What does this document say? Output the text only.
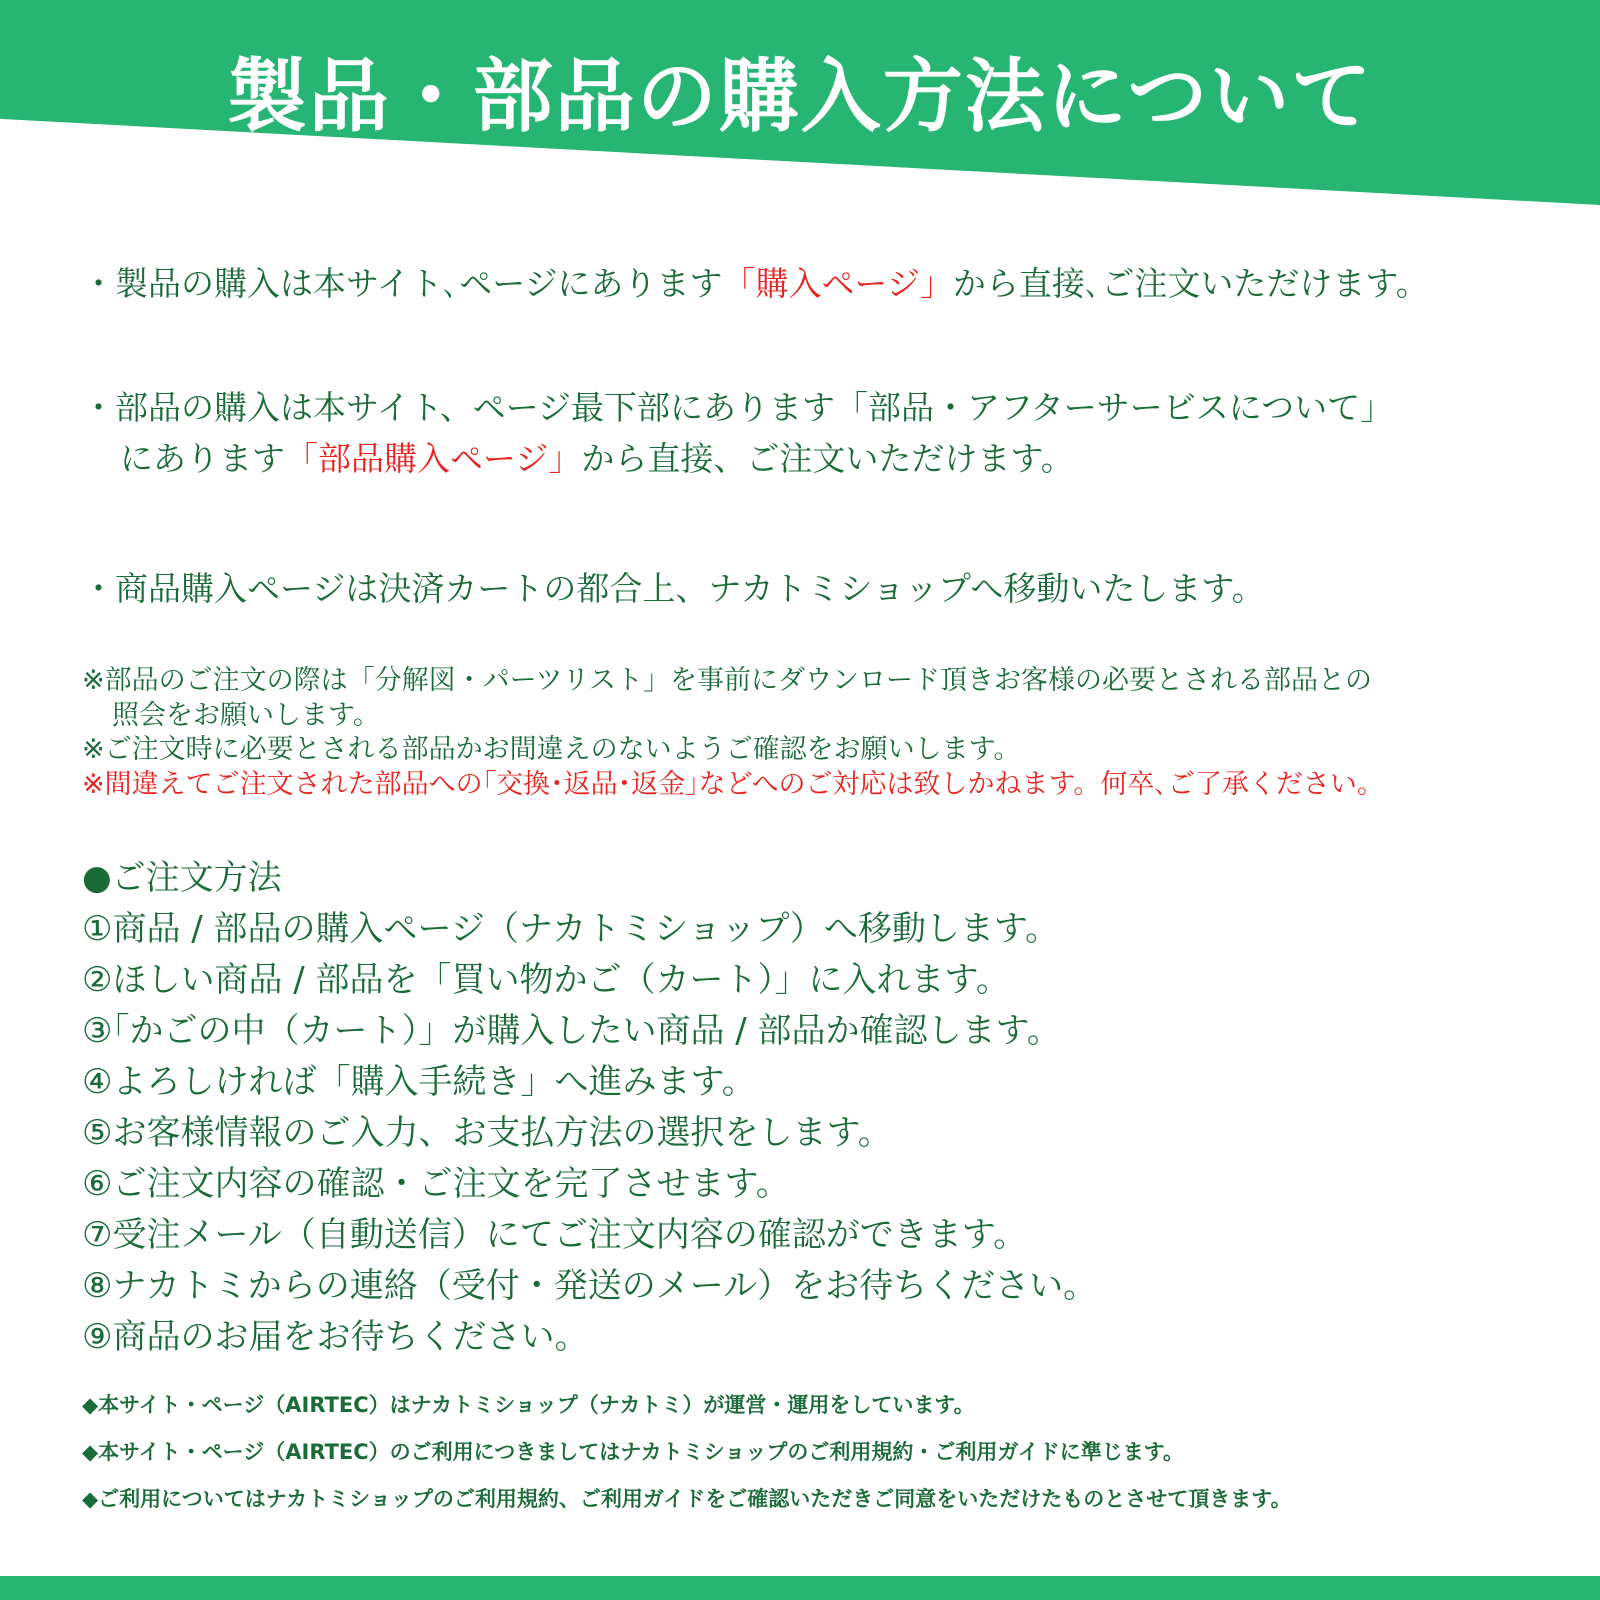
製品・部品の購入方法について
・製品の購入は本サイト､ページにあります「購入ページ」から直接､ご注文いただけます。
・部品の購入は本サイト、ページ最下部にあります「部品・アフターサービスについて」
にあります「部品購入ページ」から直接、ご注文いただけます。
・商品購入ページは決済カートの都合上、ナカトミショップへ移動いたします。
※部品のご注文の際は「分解図・パーツリスト」を事前にダウンロード頂きお客様の必要とされる部品との
照会をお願いします。
※ご注文時に必要とされる部品かお間違えのないようご確認をお願いします。
※間違えてご注文された部品への｢交換･返品･返金｣などへのご対応は致しかねます。何卒､ご了承ください。
●ご注文方法
①商品 / 部品の購入ページ（ナカトミショップ）へ移動します。
②ほしい商品 / 部品を「買い物かご（カート）」に入れます。
③｢かごの中（カート）」が購入したい商品 / 部品か確認します。
④よろしければ「購入手続き」へ進みます。
⑤お客様情報のご入力、お支払方法の選択をします。
⑥ご注文内容の確認・ご注文を完了させます。
⑦受注メール（自動送信）にてご注文内容の確認ができます。
⑧ナカトミからの連絡（受付・発送のメール）をお待ちください。
⑨商品のお届をお待ちください。
◆本サイト・ページ（AIRTEC）はナカトミショップ（ナカトミ）が運営・運用をしています。
◆本サイト・ページ（AIRTEC）のご利用につきましてはナカトミショップのご利用規約・ご利用ガイドに準じます。
◆ご利用についてはナカトミショップのご利用規約、ご利用ガイドをご確認いただきご同意をいただけたものとさせて頂きます。
